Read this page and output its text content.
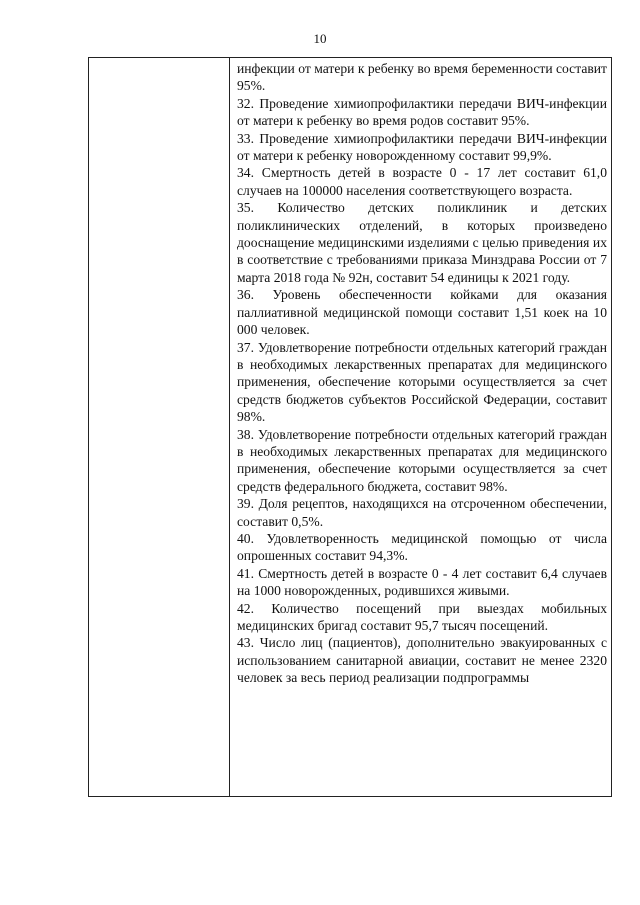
10

инфекции от матери к ребенку во время беременности составит 95%.

32. Проведение химиопрофилактики передачи ВИЧ-инфекции от матери к ребенку во время родов составит 95%.

33. Проведение химиопрофилактики передачи ВИЧ-инфекции от матери к ребенку новорожденному составит 99,9%.

34. Смертность детей в возрасте 0 - 17 лет составит 61,0 случаев на 100000 населения соответствующего возраста.

35. Количество детских поликлиник и детских поликлинических отделений, в которых произведено дооснащение медицинскими изделиями с целью приведения их в соответствие с требованиями приказа Минздрава России от 7 марта 2018 года № 92н, составит 54 единицы к 2021 году.

36. Уровень обеспеченности койками для оказания паллиативной медицинской помощи составит 1,51 коек на 10 000 человек.

37. Удовлетворение потребности отдельных категорий граждан в необходимых лекарственных препаратах для медицинского применения, обеспечение которыми осуществляется за счет средств бюджетов субъектов Российской Федерации, составит 98%.

38. Удовлетворение потребности отдельных категорий граждан в необходимых лекарственных препаратах для медицинского применения, обеспечение которыми осуществляется за счет средств федерального бюджета, составит 98%.

39. Доля рецептов, находящихся на отсроченном обеспечении, составит 0,5%.

40. Удовлетворенность медицинской помощью от числа опрошенных составит 94,3%.

41. Смертность детей в возрасте 0 - 4 лет составит 6,4 случаев на 1000 новорожденных, родившихся живыми.

42. Количество посещений при выездах мобильных медицинских бригад составит 95,7 тысяч посещений.

43. Число лиц (пациентов), дополнительно эвакуированных с использованием санитарной авиации, составит не менее 2320 человек за весь период реализации подпрограммы
